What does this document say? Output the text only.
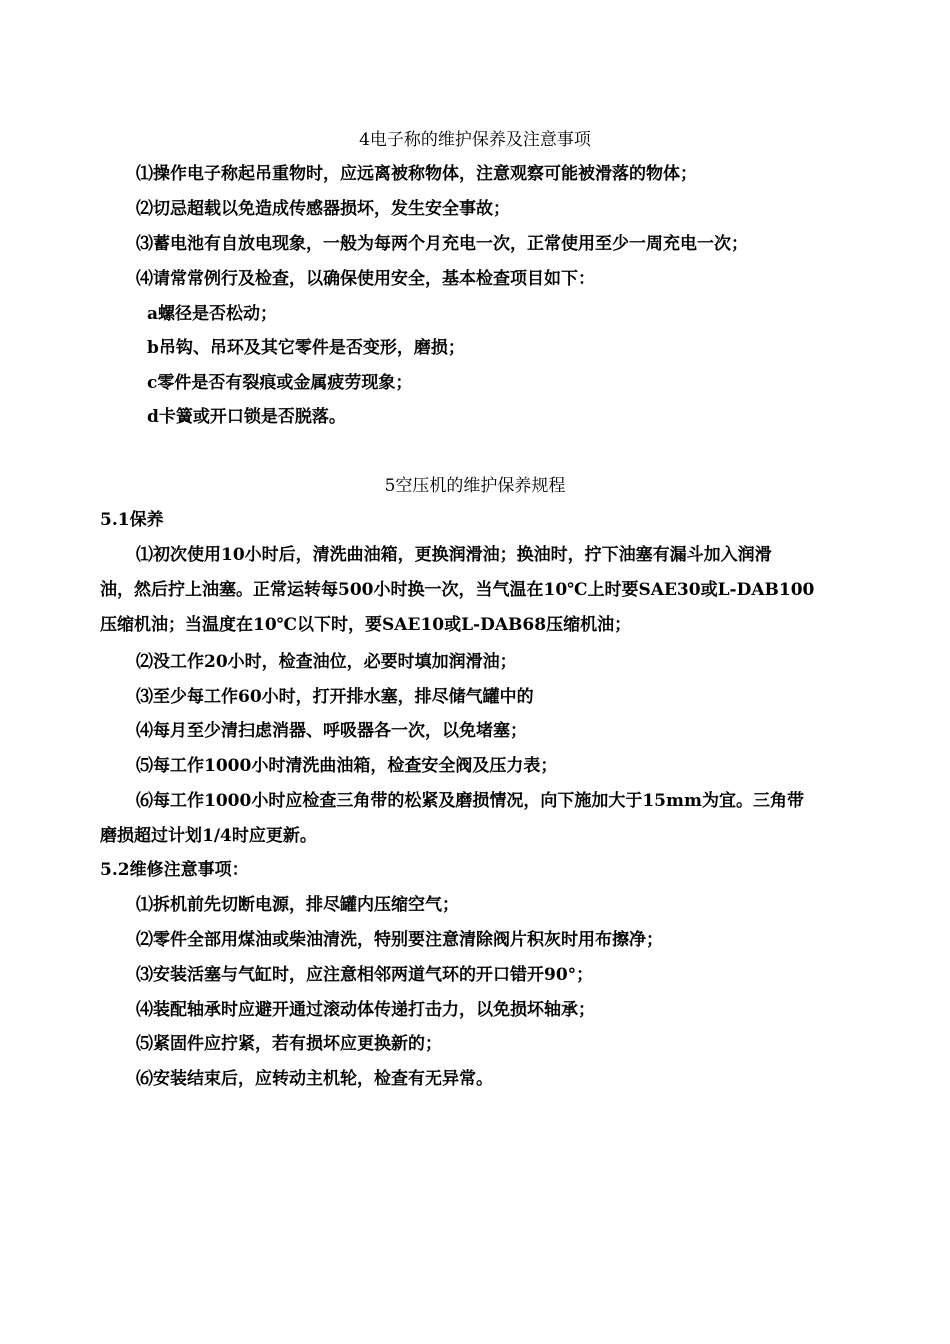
4电子称的维护保养及注意事项
⑴操作电子称起吊重物时，应远离被称物体，注意观察可能被滑落的物体；
⑵切忌超载以免造成传感器损坏，发生安全事故；
⑶蓄电池有自放电现象，一般为每两个月充电一次，正常使用至少一周充电一次；
⑷请常常例行及检查，以确保使用安全，基本检查项目如下：
a螺径是否松动；
b吊钩、吊环及其它零件是否变形，磨损；
c零件是否有裂痕或金属疲劳现象；
d卡簧或开口锁是否脱落。
5空压机的维护保养规程
5.1保养
⑴初次使用10小时后，清洗曲油箱，更换润滑油；换油时，拧下油塞有漏斗加入润滑
油，然后拧上油塞。正常运转每500小时换一次，当气温在10℃上时要SAE30或L-DAB100
压缩机油；当温度在10℃以下时，要SAE10或L-DAB68压缩机油；
⑵没工作20小时，检查油位，必要时填加润滑油；
⑶至少每工作60小时，打开排水塞，排尽储气罐中的
⑷每月至少清扫虑消器、呼吸器各一次，以免堵塞；
⑸每工作1000小时清洗曲油箱，检查安全阀及压力表；
⑹每工作1000小时应检查三角带的松紧及磨损情况，向下施加大于15mm为宜。三角带
磨损超过计划1/4时应更新。
5.2维修注意事项：
⑴拆机前先切断电源，排尽罐内压缩空气；
⑵零件全部用煤油或柴油清洗，特别要注意清除阀片积灰时用布擦净；
⑶安装活塞与气缸时，应注意相邻两道气环的开口错开90°；
⑷装配轴承时应避开通过滚动体传递打击力，以免损坏轴承；
⑸紧固件应拧紧，若有损坏应更换新的；
⑹安装结束后，应转动主机轮，检查有无异常。
